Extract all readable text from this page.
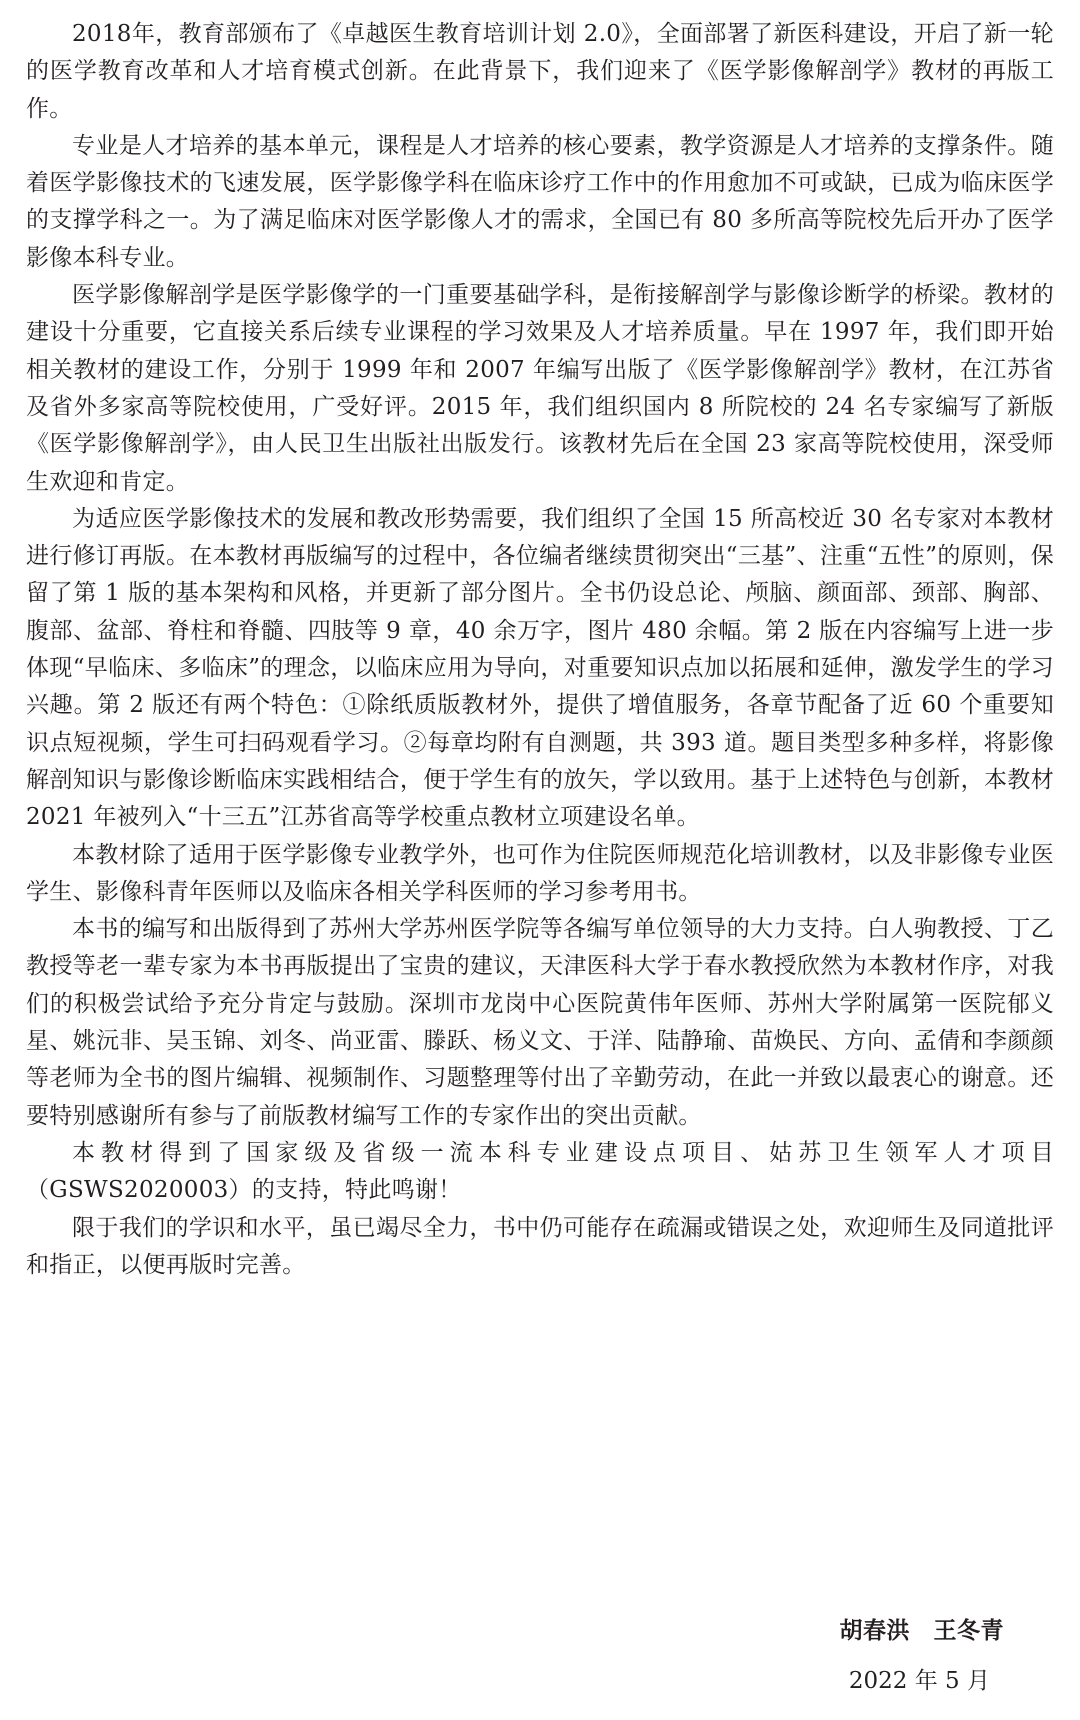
2018年，教育部颁布了《卓越医生教育培训计划 2.0》，全面部署了新医科建设，开启了新一轮的医学教育改革和人才培育模式创新。在此背景下，我们迎来了《医学影像解剖学》教材的再版工作。

专业是人才培养的基本单元，课程是人才培养的核心要素，教学资源是人才培养的支撑条件。随着医学影像技术的飞速发展，医学影像学科在临床诊疗工作中的作用愈加不可或缺，已成为临床医学的支撑学科之一。为了满足临床对医学影像人才的需求，全国已有 80 多所高等院校先后开办了医学影像本科专业。

医学影像解剖学是医学影像学的一门重要基础学科，是衔接解剖学与影像诊断学的桥梁。教材的建设十分重要，它直接关系后续专业课程的学习效果及人才培养质量。早在 1997 年，我们即开始相关教材的建设工作，分别于 1999 年和 2007 年编写出版了《医学影像解剖学》教材，在江苏省及省外多家高等院校使用，广受好评。2015 年，我们组织国内 8 所院校的 24 名专家编写了新版《医学影像解剖学》，由人民卫生出版社出版发行。该教材先后在全国 23 家高等院校使用，深受师生欢迎和肯定。

为适应医学影像技术的发展和教改形势需要，我们组织了全国 15 所高校近 30 名专家对本教材进行修订再版。在本教材再版编写的过程中，各位编者继续贯彻突出“三基”、注重“五性”的原则，保留了第 1 版的基本架构和风格，并更新了部分图片。全书仍设总论、颅脑、颜面部、颈部、胸部、腹部、盆部、脊柱和脊髓、四肢等 9 章，40 余万字，图片 480 余幅。第 2 版在内容编写上进一步体现“早临床、多临床”的理念，以临床应用为导向，对重要知识点加以拓展和延伸，激发学生的学习兴趣。第 2 版还有两个特色：①除纸质版教材外，提供了增值服务，各章节配备了近 60 个重要知识点短视频，学生可扫码观看学习。②每章均附有自测题，共 393 道。题目类型多种多样，将影像解剖知识与影像诊断临床实践相结合，便于学生有的放矢，学以致用。基于上述特色与创新，本教材 2021 年被列入“十三五”江苏省高等学校重点教材立项建设名单。

本教材除了适用于医学影像专业教学外，也可作为住院医师规范化培训教材，以及非影像专业医学生、影像科青年医师以及临床各相关学科医师的学习参考用书。

本书的编写和出版得到了苏州大学苏州医学院等各编写单位领导的大力支持。白人驹教授、丁乙教授等老一辈专家为本书再版提出了宝贵的建议，天津医科大学于春水教授欣然为本教材作序，对我们的积极尝试给予充分肯定与鼓励。深圳市龙岗中心医院黄伟年医师、苏州大学附属第一医院郁义星、姚沅非、吴玉锦、刘冬、尚亚雷、滕跃、杨义文、于洋、陆静瑜、苗焕民、方向、孟倩和李颜颜等老师为全书的图片编辑、视频制作、习题整理等付出了辛勤劳动，在此一并致以最衷心的谢意。还要特别感谢所有参与了前版教材编写工作的专家作出的突出贡献。

本教材得到了国家级及省级一流本科专业建设点项目、姑苏卫生领军人才项目（GSWS2020003）的支持，特此鸣谢！

限于我们的学识和水平，虽已竭尽全力，书中仍可能存在疏漏或错误之处，欢迎师生及同道批评和指正，以便再版时完善。

胡春洪　王冬青
2022 年 5 月
